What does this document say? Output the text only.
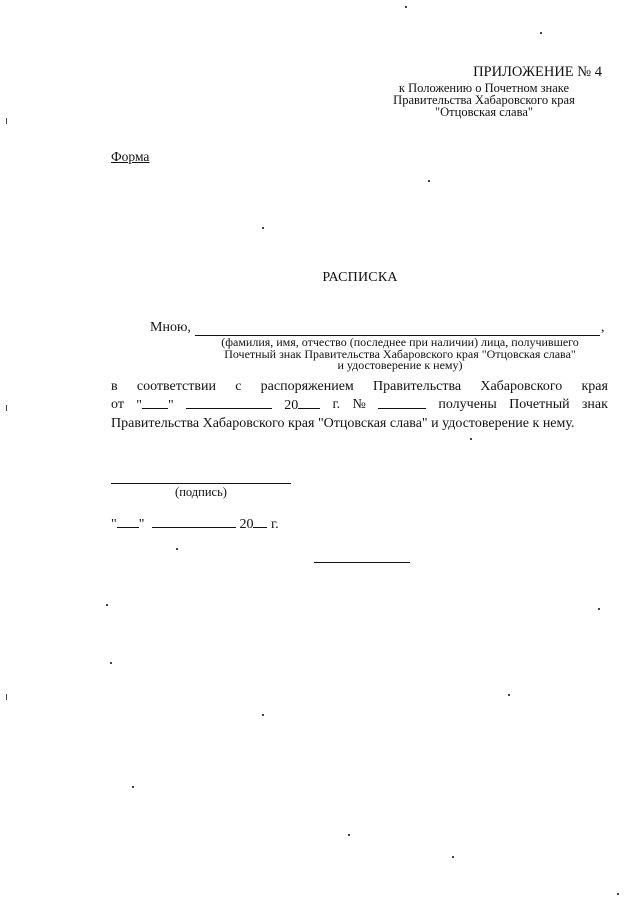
ПРИЛОЖЕНИЕ № 4
к Положению о Почетном знаке
Правительства Хабаровского края
"Отцовская слава"
Форма
РАСПИСКА
Мною,	,
(фамилия, имя, отчество (последнее при наличии) лица, получившего
Почетный знак Правительства Хабаровского края "Отцовская слава"
и удостоверение к нему)
в соответствии с распоряжением Правительства Хабаровского края
от " "	20	г. №	получены Почетный знак
Правительства Хабаровского края "Отцовская слава" и удостоверение к нему.
(подпись)
" "	20 г.
